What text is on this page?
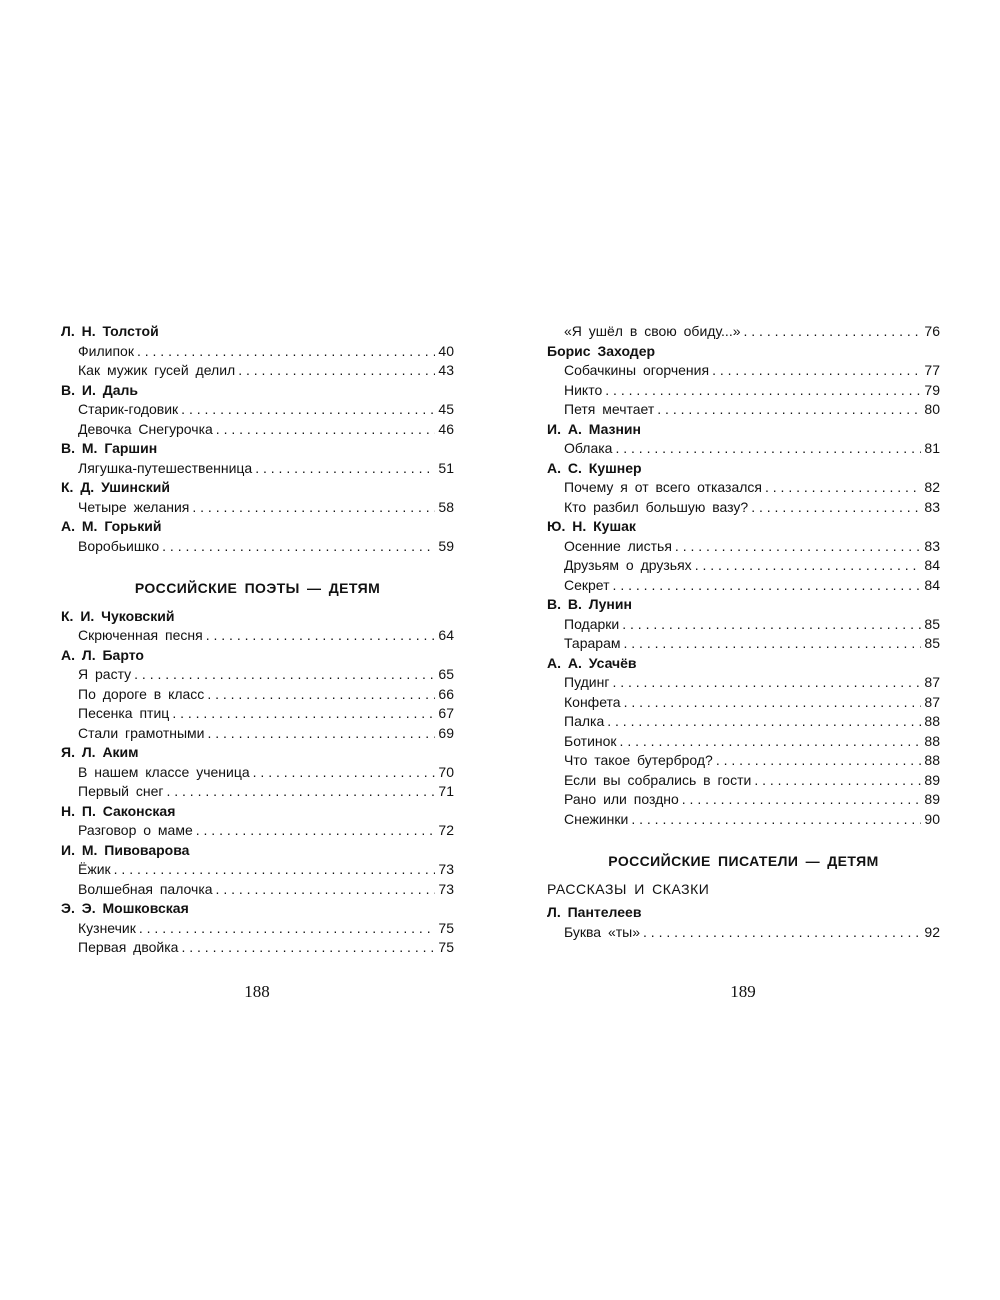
Л. Н. Толстой
Филипок . . .	40
Как мужик гусей делил . . .	43
В. И. Даль
Старик-годовик . . .	45
Девочка Снегурочка . . .	46
В. М. Гаршин
Лягушка-путешественница . . .	51
К. Д. Ушинский
Четыре желания . . .	58
А. М. Горький
Воробьишко . . .	59
РОССИЙСКИЕ ПОЭТЫ — ДЕТЯМ
К. И. Чуковский
Скрюченная песня . . .	64
А. Л. Барто
Я расту . . .	65
По дороге в класс . . .	66
Песенка птиц . . .	67
Стали грамотными . . .	69
Я. Л. Аким
В нашем классе ученица . . .	70
Первый снег . . .	71
Н. П. Саконская
Разговор о маме . . .	72
И. М. Пивоварова
Ёжик . . .	73
Волшебная палочка . . .	73
Э. Э. Мошковская
Кузнечик . . .	75
Первая двойка . . .	75
«Я ушёл в свою обиду...» . . .	76
Борис Заходер
Собачкины огорчения . . .	77
Никто . . .	79
Петя мечтает . . .	80
И. А. Мазнин
Облака . . .	81
А. С. Кушнер
Почему я от всего отказался . . .	82
Кто разбил большую вазу? . . .	83
Ю. Н. Кушак
Осенние листья . . .	83
Друзьям о друзьях . . .	84
Секрет . . .	84
В. В. Лунин
Подарки . . .	85
Тарарам . . .	85
А. А. Усачёв
Пудинг . . .	87
Конфета . . .	87
Палка . . .	88
Ботинок . . .	88
Что такое бутерброд? . . .	88
Если вы собрались в гости . . .	89
Рано или поздно . . .	89
Снежинки . . .	90
РОССИЙСКИЕ ПИСАТЕЛИ — ДЕТЯМ
РАССКАЗЫ И СКАЗКИ
Л. Пантелеев
Буква «ты» . . .	92
188	189
